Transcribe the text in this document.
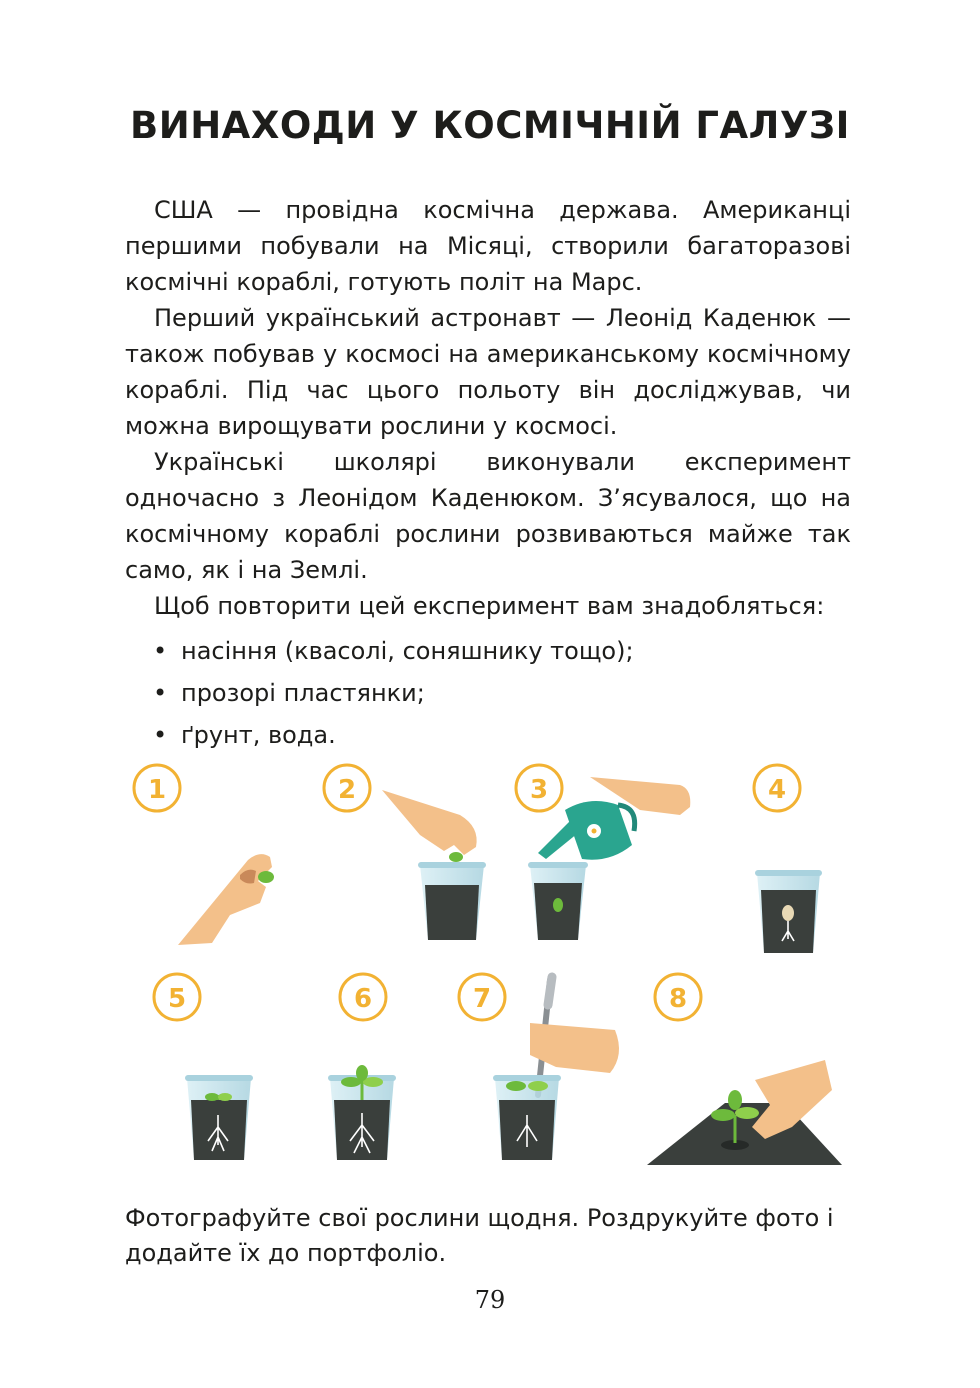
ВИНАХОДИ У КОСМІЧНІЙ ГАЛУЗІ

США — провідна космічна держава. Американці першими побували на Місяці, створили багаторазові космічні кораблі, готують політ на Марс.

Перший український астронавт — Леонід Каденюк — також побував у космосі на американському космічному кораблі. Під час цього польоту він досліджував, чи можна вирощувати рослини у космосі.

Українські школярі виконували експеримент одночасно з Леонідом Каденюком. З’ясувалося, що на космічному кораблі рослини розвиваються майже так само, як і на Землі.

Щоб повторити цей експеримент вам знадобляться:

• насіння (квасолі, соняшнику тощо);
• прозорі пластянки;
• ґрунт, вода.
1	2	3	4
5	6	7	8
Фотографуйте свої рослини щодня. Роздрукуйте фото і додайте їх до портфоліо.
79
